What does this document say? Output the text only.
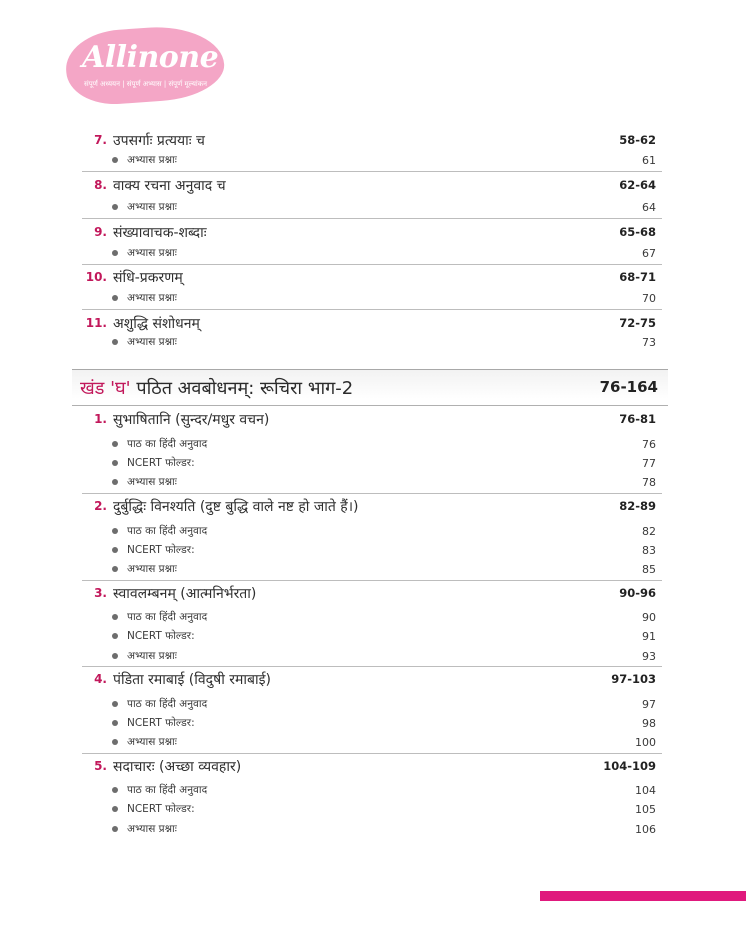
Allinone
संपूर्ण अध्ययन | संपूर्ण अभ्यास | संपूर्ण मूल्यांकन
7. उपसर्गाः प्रत्ययाः च	58-62
अभ्यास प्रश्नाः	61
8. वाक्य रचना अनुवाद च	62-64
अभ्यास प्रश्नाः	64
9. संख्यावाचक-शब्दाः	65-68
अभ्यास प्रश्नाः	67
10. संधि-प्रकरणम्	68-71
अभ्यास प्रश्नाः	70
11. अशुद्धि संशोधनम्	72-75
अभ्यास प्रश्नाः	73
खंड 'घ' पठित अवबोधनम्: रूचिरा भाग-2	76-164
1. सुभाषितानि (सुन्दर/मधुर वचन)	76-81
पाठ का हिंदी अनुवाद	76
NCERT फोल्डर:	77
अभ्यास प्रश्नाः	78
2. दुर्बुद्धिः विनश्यति (दुष्ट बुद्धि वाले नष्ट हो जाते हैं।)	82-89
पाठ का हिंदी अनुवाद	82
NCERT फोल्डर:	83
अभ्यास प्रश्नाः	85
3. स्वावलम्बनम् (आत्मनिर्भरता)	90-96
पाठ का हिंदी अनुवाद	90
NCERT फोल्डर:	91
अभ्यास प्रश्नाः	93
4. पंडिता रमाबाई (विदुषी रमाबाई)	97-103
पाठ का हिंदी अनुवाद	97
NCERT फोल्डर:	98
अभ्यास प्रश्नाः	100
5. सदाचारः (अच्छा व्यवहार)	104-109
पाठ का हिंदी अनुवाद	104
NCERT फोल्डर:	105
अभ्यास प्रश्नाः	106
